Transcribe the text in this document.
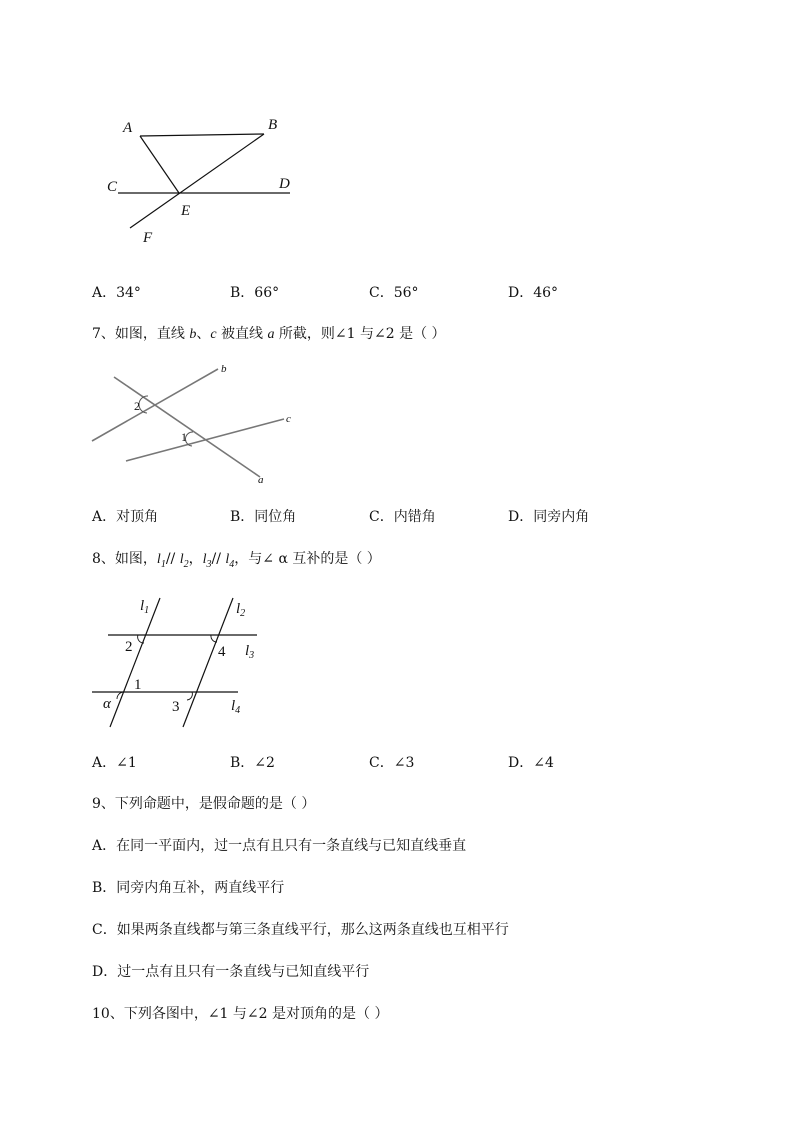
A	B
C	D
E
F
A．34°	B．66°	C．56°	D．46°
7、如图，直线 b、c 被直线 a 所截，则∠1 与∠2 是（ ）
b
c
a
2
1
A．对顶角	B．同位角	C．内错角	D．同旁内角
8、如图，$l_1//$ $l_2$，$l_3//$ $l_4$，与∠ α 互补的是（ ）
$l_1$	$l_2$
$l_3$
$l_4$
2	4
1
3
α
A．∠1	B．∠2	C．∠3	D．∠4
9、下列命题中，是假命题的是（ ）
A．在同一平面内，过一点有且只有一条直线与已知直线垂直
B．同旁内角互补，两直线平行
C．如果两条直线都与第三条直线平行，那么这两条直线也互相平行
D．过一点有且只有一条直线与已知直线平行
10、下列各图中，∠1 与∠2 是对顶角的是（ ）
